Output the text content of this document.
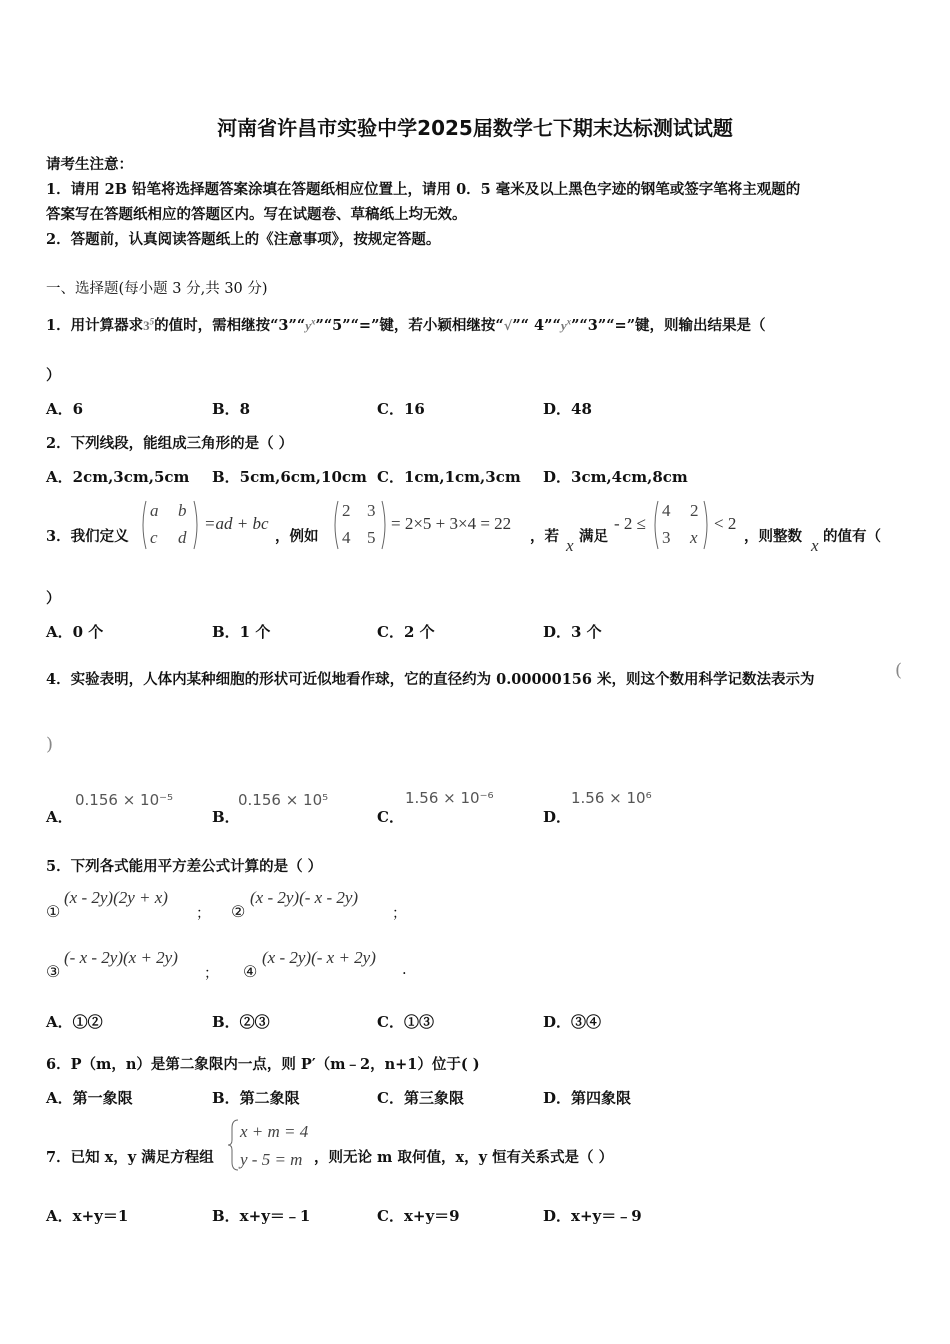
河南省许昌市实验中学2025届数学七下期末达标测试试题
请考生注意：
1．请用 2B 铅笔将选择题答案涂填在答题纸相应位置上，请用 0．5 毫米及以上黑色字迹的钢笔或签字笔将主观题的
答案写在答题纸相应的答题区内。写在试题卷、草稿纸上均无效。
2．答题前，认真阅读答题纸上的《注意事项》，按规定答题。
一、选择题(每小题 3 分,共 30 分)
1．用计算器求$3^5$的值时，需相继按“$3”“y^x”“5”“=$”键，若小颖相继按“√”“ $4”“y^x”“3”“=$”键，则输出结果是（
）
A．6	B．8	C．16	D．48
2．下列线段，能组成三角形的是（ ）
A．2cm,3cm,5cm B．5cm,6cm,10cm C．1cm,1cm,3cm D．3cm,4cm,8cm
3．我们定义
a b
c d
=ad + bc
，例如
2 3
4 5
= 2×5 + 3×4 = 22
，若 x 满足
- 2 ≤
4 2
3 x
< 2
，则整数 x 的值有（
）
A．0 个	B．1 个	C．2 个	D．3 个
4．实验表明，人体内某种细胞的形状可近似地看作球，它的直径约为 0.00000156 米，则这个数用科学记数法表示为	(
)
A．
0.156 × 10⁻⁵
B．
0.156 × 10⁵
C．
1.56 × 10⁻⁶
D．
1.56 × 10⁶
5．下列各式能用平方差公式计算的是（ ）
①
(x - 2y)(2y + x)
； ②
(x - 2y)(- x - 2y)
；
③
(- x - 2y)(x + 2y)
； ④
(x - 2y)(- x + 2y)
.
A．①②	B．②③	C．①③	D．③④
6．P（m，n）是第二象限内一点，则 P′（m﹣2，n+1）位于( )
A．第一象限	B．第二象限	C．第三象限	D．第四象限
7．已知 x，y 满足方程组
x + m = 4
y - 5 = m ，则无论 m 取何值，x，y 恒有关系式是（ ）
A．x+y＝1	B．x+y＝﹣1	C．x+y＝9	D．x+y＝﹣9
